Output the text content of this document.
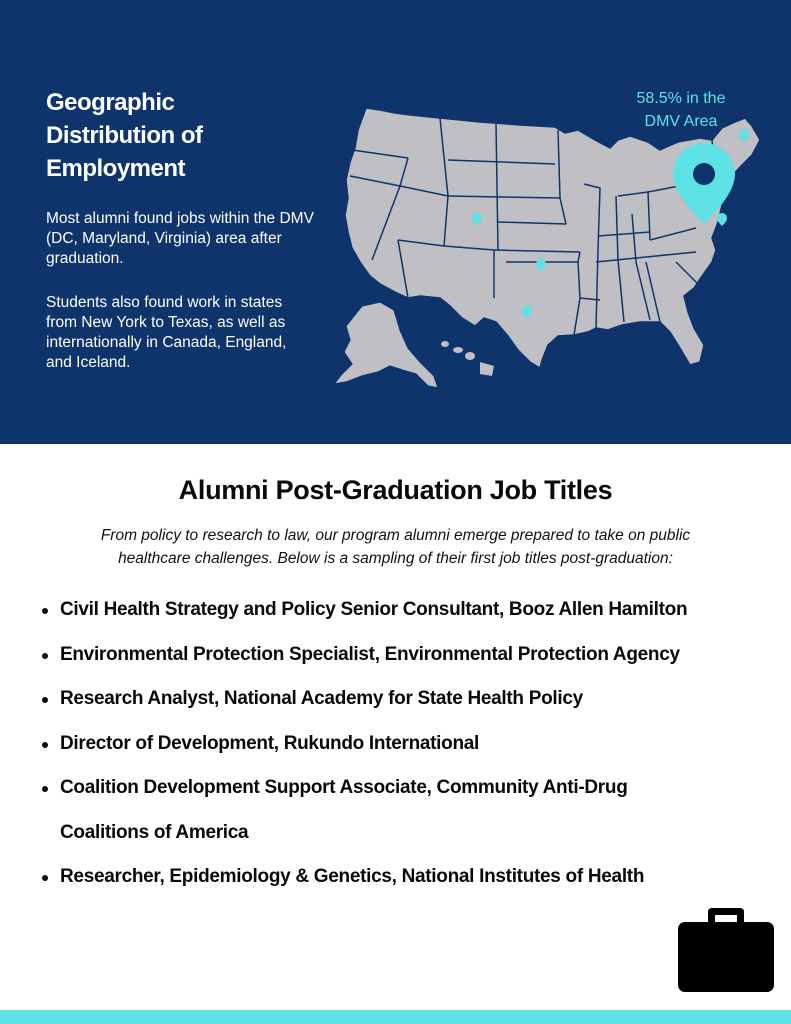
Geographic
Distribution of
Employment

Most alumni found jobs within the DMV (DC, Maryland, Virginia) area after graduation.

Students also found work in states from New York to Texas, as well as internationally in Canada, England, and Iceland.

58.5% in the
DMV Area
Alumni Post-Graduation Job Titles

From policy to research to law, our program alumni emerge prepared to take on public
healthcare challenges. Below is a sampling of their first job titles post-graduation:

Civil Health Strategy and Policy Senior Consultant, Booz Allen Hamilton
Environmental Protection Specialist, Environmental Protection Agency
Research Analyst, National Academy for State Health Policy
Director of Development, Rukundo International
Coalition Development Support Associate, Community Anti-Drug
Coalitions of America
Researcher, Epidemiology & Genetics, National Institutes of Health
